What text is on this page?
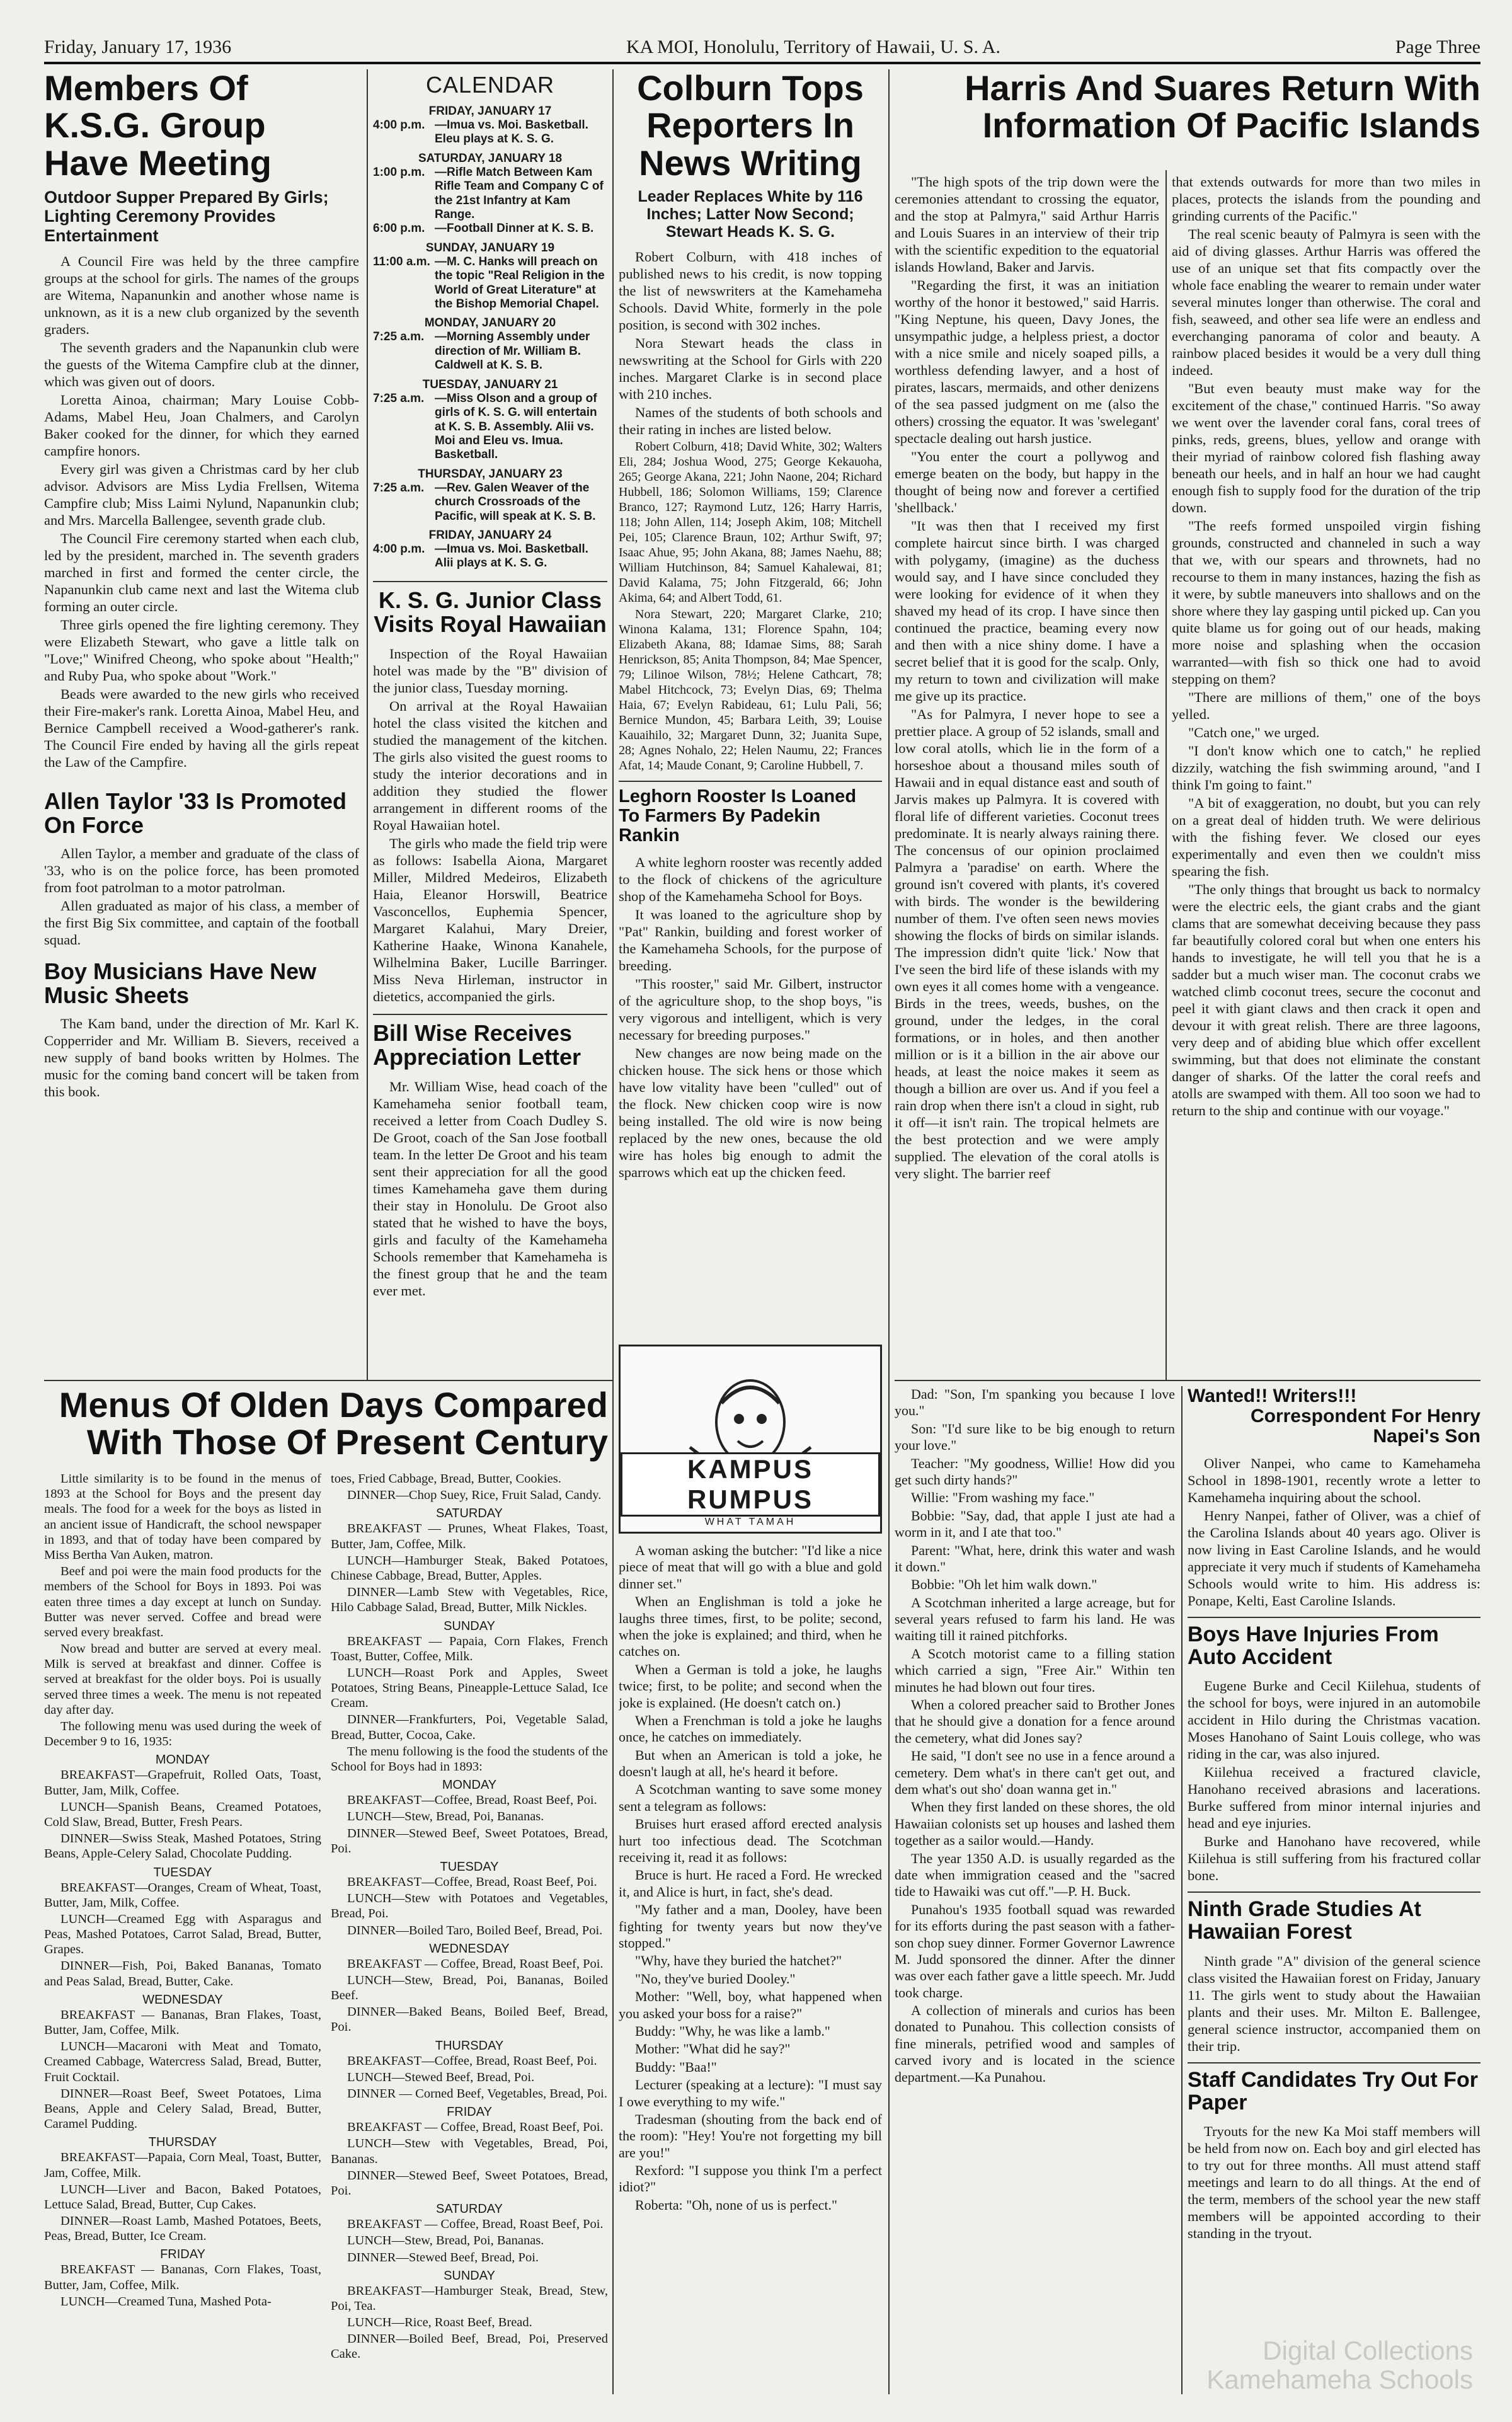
Friday, January 17, 1936	KA MOI, Honolulu, Territory of Hawaii, U. S. A.	Page Three
Members Of K.S.G. Group Have Meeting
Outdoor Supper Prepared By Girls; Lighting Ceremony Provides Entertainment

A Council Fire was held by the three campfire groups at the school for girls. The names of the groups are Witema, Napanunkin and another whose name is unknown, as it is a new club organized by the seventh graders.

The seventh graders and the Napanunkin club were the guests of the Witema Campfire club at the dinner, which was given out of doors.

Loretta Ainoa, chairman; Mary Louise Cobb-Adams, Mabel Heu, Joan Chalmers, and Carolyn Baker cooked for the dinner, for which they earned campfire honors.

Every girl was given a Christmas card by her club advisor. Advisors are Miss Lydia Frellsen, Witema Campfire club; Miss Laimi Nylund, Napanunkin club; and Mrs. Marcella Ballengee, seventh grade club.

The Council Fire ceremony started when each club, led by the president, marched in. The seventh graders marched in first and formed the center circle, the Napanunkin club came next and last the Witema club forming an outer circle.

Three girls opened the fire lighting ceremony. They were Elizabeth Stewart, who gave a little talk on "Love;" Winifred Cheong, who spoke about "Health;" and Ruby Pua, who spoke about "Work."

Beads were awarded to the new girls who received their Fire-maker's rank. Loretta Ainoa, Mabel Heu, and Bernice Campbell received a Wood-gatherer's rank. The Council Fire ended by having all the girls repeat the Law of the Campfire.

Allen Taylor '33 Is Promoted On Force

Allen Taylor, a member and graduate of the class of '33, who is on the police force, has been promoted from foot patrolman to a motor patrolman.

Allen graduated as major of his class, a member of the first Big Six committee, and captain of the football squad.

Boy Musicians Have New Music Sheets

The Kam band, under the direction of Mr. Karl K. Copperrider and Mr. William B. Sievers, received a new supply of band books written by Holmes. The music for the coming band concert will be taken from this book.

CALENDAR
FRIDAY, JANUARY 17
4:00 p.m. —Imua vs. Moi. Basketball. Eleu plays at K. S. G.
SATURDAY, JANUARY 18
1:00 p.m. —Rifle Match Between Kam Rifle Team and Company C of the 21st Infantry at Kam Range.
6:00 p.m. —Football Dinner at K. S. B.
SUNDAY, JANUARY 19
11:00 a.m. —M. C. Hanks will preach on the topic "Real Religion in the World of Great Literature" at the Bishop Memorial Chapel.
MONDAY, JANUARY 20
7:25 a.m. —Morning Assembly under direction of Mr. William B. Caldwell at K. S. B.
TUESDAY, JANUARY 21
7:25 a.m. —Miss Olson and a group of girls of K. S. G. will entertain at K. S. B. Assembly. Alii vs. Moi and Eleu vs. Imua. Basketball.
THURSDAY, JANUARY 23
7:25 a.m. —Rev. Galen Weaver of the church Crossroads of the Pacific, will speak at K. S. B.
FRIDAY, JANUARY 24
4:00 p.m. —Imua vs. Moi. Basketball. Alii plays at K. S. G.
K. S. G. Junior Class Visits Royal Hawaiian

Inspection of the Royal Hawaiian hotel was made by the "B" division of the junior class, Tuesday morning.

On arrival at the Royal Hawaiian hotel the class visited the kitchen and studied the management of the kitchen. The girls also visited the guest rooms to study the interior decorations and in addition they studied the flower arrangement in different rooms of the Royal Hawaiian hotel.

The girls who made the field trip were as follows: Isabella Aiona, Margaret Miller, Mildred Medeiros, Elizabeth Haia, Eleanor Horswill, Beatrice Vasconcellos, Euphemia Spencer, Margaret Kalahui, Mary Dreier, Katherine Haake, Winona Kanahele, Wilhelmina Baker, Lucille Barringer. Miss Neva Hirleman, instructor in dietetics, accompanied the girls.

Bill Wise Receives Appreciation Letter

Mr. William Wise, head coach of the Kamehameha senior football team, received a letter from Coach Dudley S. De Groot, coach of the San Jose football team. In the letter De Groot and his team sent their appreciation for all the good times Kamehameha gave them during their stay in Honolulu. De Groot also stated that he wished to have the boys, girls and faculty of the Kamehameha Schools remember that Kamehameha is the finest group that he and the team ever met.

Colburn Tops Reporters In News Writing
Leader Replaces White by 116 Inches; Latter Now Second; Stewart Heads K. S. G.

Robert Colburn, with 418 inches of published news to his credit, is now topping the list of newswriters at the Kamehameha Schools. David White, formerly in the pole position, is second with 302 inches.

Nora Stewart heads the class in newswriting at the School for Girls with 220 inches. Margaret Clarke is in second place with 210 inches.

Names of the students of both schools and their rating in inches are listed below.

Robert Colburn, 418; David White, 302; Walters Eli, 284; Joshua Wood, 275; George Kekauoha, 265; George Akana, 221; John Naone, 204; Richard Hubbell, 186; Solomon Williams, 159; Clarence Branco, 127; Raymond Lutz, 126; Harry Harris, 118; John Allen, 114; Joseph Akim, 108; Mitchell Pei, 105; Clarence Braun, 102; Arthur Swift, 97; Isaac Ahue, 95; John Akana, 88; James Naehu, 88; William Hutchinson, 84; Samuel Kahalewai, 81; David Kalama, 75; John Fitzgerald, 66; John Akima, 64; and Albert Todd, 61.

Nora Stewart, 220; Margaret Clarke, 210; Winona Kalama, 131; Florence Spahn, 104; Elizabeth Akana, 88; Idamae Sims, 88; Sarah Henrickson, 85; Anita Thompson, 84; Mae Spencer, 79; Lilinoe Wilson, 78½; Helene Cathcart, 78; Mabel Hitchcock, 73; Evelyn Dias, 69; Thelma Haia, 67; Evelyn Rabideau, 61; Lulu Pali, 56; Bernice Mundon, 45; Barbara Leith, 39; Louise Kauaihilo, 32; Margaret Dunn, 32; Juanita Supe, 28; Agnes Nohalo, 22; Helen Naumu, 22; Frances Afat, 14; Maude Conant, 9; Caroline Hubbell, 7.

Leghorn Rooster Is Loaned To Farmers By Padekin Rankin

A white leghorn rooster was recently added to the flock of chickens of the agriculture shop of the Kamehameha School for Boys.

It was loaned to the agriculture shop by "Pat" Rankin, building and forest worker of the Kamehameha Schools, for the purpose of breeding.

"This rooster," said Mr. Gilbert, instructor of the agriculture shop, to the shop boys, "is very vigorous and intelligent, which is very necessary for breeding purposes."

New changes are now being made on the chicken house. The sick hens or those which have low vitality have been "culled" out of the flock. New chicken coop wire is now being installed. The old wire is now being replaced by the new ones, because the old wire has holes big enough to admit the sparrows which eat up the chicken feed.

Harris And Suares Return With Information Of Pacific Islands

"The high spots of the trip down were the ceremonies attendant to crossing the equator, and the stop at Palmyra," said Arthur Harris and Louis Suares in an interview of their trip with the scientific expedition to the equatorial islands Howland, Baker and Jarvis.

"Regarding the first, it was an initiation worthy of the honor it bestowed," said Harris. "King Neptune, his queen, Davy Jones, the unsympathic judge, a helpless priest, a doctor with a nice smile and nicely soaped pills, a worthless defending lawyer, and a host of pirates, lascars, mermaids, and other denizens of the sea passed judgment on me (also the others) crossing the equator. It was 'swelegant' spectacle dealing out harsh justice.

"You enter the court a pollywog and emerge beaten on the body, but happy in the thought of being now and forever a certified 'shellback.'

"It was then that I received my first complete haircut since birth. I was charged with polygamy, (imagine) as the duchess would say, and I have since concluded they were looking for evidence of it when they shaved my head of its crop. I have since then continued the practice, beaming every now and then with a nice shiny dome. I have a secret belief that it is good for the scalp. Only, my return to town and civilization will make me give up its practice.

"As for Palmyra, I never hope to see a prettier place. A group of 52 islands, small and low coral atolls, which lie in the form of a horseshoe about a thousand miles south of Hawaii and in equal distance east and south of Jarvis makes up Palmyra. It is covered with floral life of different varieties. Coconut trees predominate. It is nearly always raining there. The concensus of our opinion proclaimed Palmyra a 'paradise' on earth. Where the ground isn't covered with plants, it's covered with birds. The wonder is the bewildering number of them. I've often seen news movies showing the flocks of birds on similar islands. The impression didn't quite 'lick.' Now that I've seen the bird life of these islands with my own eyes it all comes home with a vengeance. Birds in the trees, weeds, bushes, on the ground, under the ledges, in the coral formations, or in holes, and then another million or is it a billion in the air above our heads, at least the noice makes it seem as though a billion are over us. And if you feel a rain drop when there isn't a cloud in sight, rub it off—it isn't rain. The tropical helmets are the best protection and we were amply supplied. The elevation of the coral atolls is very slight. The barrier reef

that extends outwards for more than two miles in places, protects the islands from the pounding and grinding currents of the Pacific."

The real scenic beauty of Palmyra is seen with the aid of diving glasses. Arthur Harris was offered the use of an unique set that fits compactly over the whole face enabling the wearer to remain under water several minutes longer than otherwise. The coral and fish, seaweed, and other sea life were an endless and everchanging panorama of color and beauty. A rainbow placed besides it would be a very dull thing indeed.

"But even beauty must make way for the excitement of the chase," continued Harris. "So away we went over the lavender coral fans, coral trees of pinks, reds, greens, blues, yellow and orange with their myriad of rainbow colored fish flashing away beneath our heels, and in half an hour we had caught enough fish to supply food for the duration of the trip down.

"The reefs formed unspoiled virgin fishing grounds, constructed and channeled in such a way that we, with our spears and thrownets, had no recourse to them in many instances, hazing the fish as it were, by subtle maneuvers into shallows and on the shore where they lay gasping until picked up. Can you quite blame us for going out of our heads, making more noise and splashing when the occasion warranted—with fish so thick one had to avoid stepping on them?

"There are millions of them," one of the boys yelled.

"Catch one," we urged.

"I don't know which one to catch," he replied dizzily, watching the fish swimming around, "and I think I'm going to faint."

"A bit of exaggeration, no doubt, but you can rely on a great deal of hidden truth. We were delirious with the fishing fever. We closed our eyes experimentally and even then we couldn't miss spearing the fish.

"The only things that brought us back to normalcy were the electric eels, the giant crabs and the giant clams that are somewhat deceiving because they pass far beautifully colored coral but when one enters his hands to investigate, he will tell you that he is a sadder but a much wiser man. The coconut crabs we watched climb coconut trees, secure the coconut and peel it with giant claws and then crack it open and devour it with great relish. There are three lagoons, very deep and of abiding blue which offer excellent swimming, but that does not eliminate the constant danger of sharks. Of the latter the coral reefs and atolls are swamped with them. All too soon we had to return to the ship and continue with our voyage."

Menus Of Olden Days Compared With Those Of Present Century

Little similarity is to be found in the menus of 1893 at the School for Boys and the present day meals. The food for a week for the boys as listed in an ancient issue of Handicraft, the school newspaper in 1893, and that of today have been compared by Miss Bertha Van Auken, matron.

Beef and poi were the main food products for the members of the School for Boys in 1893. Poi was eaten three times a day except at lunch on Sunday. Butter was never served. Coffee and bread were served every breakfast.

Now bread and butter are served at every meal. Milk is served at breakfast and dinner. Coffee is served at breakfast for the older boys. Poi is usually served three times a week. The menu is not repeated day after day.

The following menu was used during the week of December 9 to 16, 1935:

MONDAY

BREAKFAST—Grapefruit, Rolled Oats, Toast, Butter, Jam, Milk, Coffee.

LUNCH—Spanish Beans, Creamed Potatoes, Cold Slaw, Bread, Butter, Fresh Pears.

DINNER—Swiss Steak, Mashed Potatoes, String Beans, Apple-Celery Salad, Chocolate Pudding.

TUESDAY

BREAKFAST—Oranges, Cream of Wheat, Toast, Butter, Jam, Milk, Coffee.

LUNCH—Creamed Egg with Asparagus and Peas, Mashed Potatoes, Carrot Salad, Bread, Butter, Grapes.

DINNER—Fish, Poi, Baked Bananas, Tomato and Peas Salad, Bread, Butter, Cake.

WEDNESDAY

BREAKFAST — Bananas, Bran Flakes, Toast, Butter, Jam, Coffee, Milk.

LUNCH—Macaroni with Meat and Tomato, Creamed Cabbage, Watercress Salad, Bread, Butter, Fruit Cocktail.

DINNER—Roast Beef, Sweet Potatoes, Lima Beans, Apple and Celery Salad, Bread, Butter, Caramel Pudding.

THURSDAY

BREAKFAST—Papaia, Corn Meal, Toast, Butter, Jam, Coffee, Milk.

LUNCH—Liver and Bacon, Baked Potatoes, Lettuce Salad, Bread, Butter, Cup Cakes.

DINNER—Roast Lamb, Mashed Potatoes, Beets, Peas, Bread, Butter, Ice Cream.

FRIDAY

BREAKFAST — Bananas, Corn Flakes, Toast, Butter, Jam, Coffee, Milk.

LUNCH—Creamed Tuna, Mashed Pota-

toes, Fried Cabbage, Bread, Butter, Cookies.

DINNER—Chop Suey, Rice, Fruit Salad, Candy.

SATURDAY

BREAKFAST — Prunes, Wheat Flakes, Toast, Butter, Jam, Coffee, Milk.

LUNCH—Hamburger Steak, Baked Potatoes, Chinese Cabbage, Bread, Butter, Apples.

DINNER—Lamb Stew with Vegetables, Rice, Hilo Cabbage Salad, Bread, Butter, Milk Nickles.

SUNDAY

BREAKFAST — Papaia, Corn Flakes, French Toast, Butter, Coffee, Milk.

LUNCH—Roast Pork and Apples, Sweet Potatoes, String Beans, Pineapple-Lettuce Salad, Ice Cream.

DINNER—Frankfurters, Poi, Vegetable Salad, Bread, Butter, Cocoa, Cake.

The menu following is the food the students of the School for Boys had in 1893:

MONDAY

BREAKFAST—Coffee, Bread, Roast Beef, Poi.

LUNCH—Stew, Bread, Poi, Bananas.

DINNER—Stewed Beef, Sweet Potatoes, Bread, Poi.

TUESDAY

BREAKFAST—Coffee, Bread, Roast Beef, Poi.

LUNCH—Stew with Potatoes and Vegetables, Bread, Poi.

DINNER—Boiled Taro, Boiled Beef, Bread, Poi.

WEDNESDAY

BREAKFAST — Coffee, Bread, Roast Beef, Poi.

LUNCH—Stew, Bread, Poi, Bananas, Boiled Beef.

DINNER—Baked Beans, Boiled Beef, Bread, Poi.

THURSDAY

BREAKFAST—Coffee, Bread, Roast Beef, Poi.

LUNCH—Stewed Beef, Bread, Poi.

DINNER — Corned Beef, Vegetables, Bread, Poi.

FRIDAY

BREAKFAST — Coffee, Bread, Roast Beef, Poi.

LUNCH—Stew with Vegetables, Bread, Poi, Bananas.

DINNER—Stewed Beef, Sweet Potatoes, Bread, Poi.

SATURDAY

BREAKFAST — Coffee, Bread, Roast Beef, Poi.

LUNCH—Stew, Bread, Poi, Bananas.

DINNER—Stewed Beef, Bread, Poi.

SUNDAY

BREAKFAST—Hamburger Steak, Bread, Stew, Poi, Tea.

LUNCH—Rice, Roast Beef, Bread.

DINNER—Boiled Beef, Bread, Poi, Preserved Cake.

KAMPUS RUMPUS
WHAT TAMAH

A woman asking the butcher: "I'd like a nice piece of meat that will go with a blue and gold dinner set."

When an Englishman is told a joke he laughs three times, first, to be polite; second, when the joke is explained; and third, when he catches on.

When a German is told a joke, he laughs twice; first, to be polite; and second when the joke is explained. (He doesn't catch on.)

When a Frenchman is told a joke he laughs once, he catches on immediately.

But when an American is told a joke, he doesn't laugh at all, he's heard it before.

A Scotchman wanting to save some money sent a telegram as follows:

Bruises hurt erased afford erected analysis hurt too infectious dead. The Scotchman receiving it, read it as follows:

Bruce is hurt. He raced a Ford. He wrecked it, and Alice is hurt, in fact, she's dead.

"My father and a man, Dooley, have been fighting for twenty years but now they've stopped."

"Why, have they buried the hatchet?"

"No, they've buried Dooley."

Mother: "Well, boy, what happened when you asked your boss for a raise?"

Buddy: "Why, he was like a lamb."

Mother: "What did he say?"

Buddy: "Baa!"

Lecturer (speaking at a lecture): "I must say I owe everything to my wife."

Tradesman (shouting from the back end of the room): "Hey! You're not forgetting my bill are you!"

Rexford: "I suppose you think I'm a perfect idiot?"

Roberta: "Oh, none of us is perfect."

Dad: "Son, I'm spanking you because I love you."

Son: "I'd sure like to be big enough to return your love."

Teacher: "My goodness, Willie! How did you get such dirty hands?"

Willie: "From washing my face."

Bobbie: "Say, dad, that apple I just ate had a worm in it, and I ate that too."

Parent: "What, here, drink this water and wash it down."

Bobbie: "Oh let him walk down."

A Scotchman inherited a large acreage, but for several years refused to farm his land. He was waiting till it rained pitchforks.

A Scotch motorist came to a filling station which carried a sign, "Free Air." Within ten minutes he had blown out four tires.

When a colored preacher said to Brother Jones that he should give a donation for a fence around the cemetery, what did Jones say?

He said, "I don't see no use in a fence around a cemetery. Dem what's in there can't get out, and dem what's out sho' doan wanna get in."

When they first landed on these shores, the old Hawaiian colonists set up houses and lashed them together as a sailor would.—Handy.

The year 1350 A.D. is usually regarded as the date when immigration ceased and the "sacred tide to Hawaiki was cut off."—P. H. Buck.

Punahou's 1935 football squad was rewarded for its efforts during the past season with a father-son chop suey dinner. Former Governor Lawrence M. Judd sponsored the dinner. After the dinner was over each father gave a little speech. Mr. Judd took charge.

A collection of minerals and curios has been donated to Punahou. This collection consists of fine minerals, petrified wood and samples of carved ivory and is located in the science department.—Ka Punahou.

Wanted!! Writers!!!
Correspondent For Henry Napei's Son

Oliver Nanpei, who came to Kamehameha School in 1898-1901, recently wrote a letter to Kamehameha inquiring about the school.

Henry Nanpei, father of Oliver, was a chief of the Carolina Islands about 40 years ago. Oliver is now living in East Caroline Islands, and he would appreciate it very much if students of Kamehameha Schools would write to him. His address is: Ponape, Kelti, East Caroline Islands.

Boys Have Injuries From Auto Accident

Eugene Burke and Cecil Kiilehua, students of the school for boys, were injured in an automobile accident in Hilo during the Christmas vacation. Moses Hanohano of Saint Louis college, who was riding in the car, was also injured.

Kiilehua received a fractured clavicle, Hanohano received abrasions and lacerations. Burke suffered from minor internal injuries and head and eye injuries.

Burke and Hanohano have recovered, while Kiilehua is still suffering from his fractured collar bone.

Ninth Grade Studies At Hawaiian Forest

Ninth grade "A" division of the general science class visited the Hawaiian forest on Friday, January 11. The girls went to study about the Hawaiian plants and their uses. Mr. Milton E. Ballengee, general science instructor, accompanied them on their trip.

Staff Candidates Try Out For Paper

Tryouts for the new Ka Moi staff members will be held from now on. Each boy and girl elected has to try out for three months. All must attend staff meetings and learn to do all things. At the end of the term, members of the school year the new staff members will be appointed according to their standing in the tryout.

Digital Collections
Kamehameha Schools
